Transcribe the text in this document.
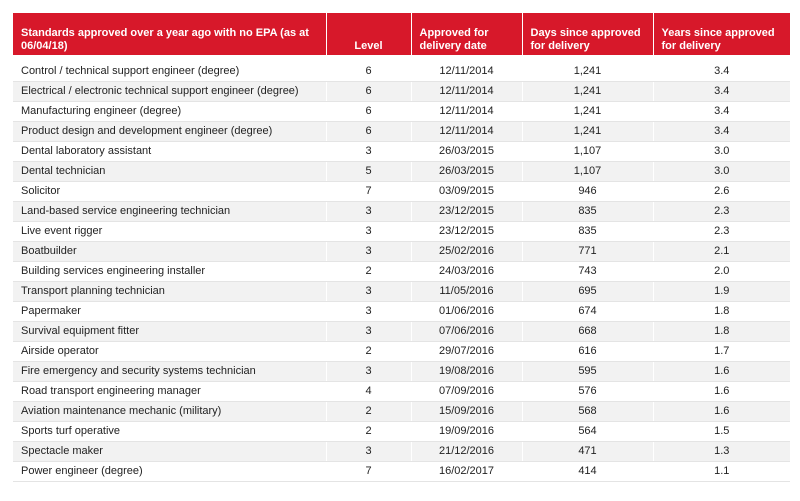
Standards approved over a year ago with no EPA (as at 06/04/18)	Level	Approved for delivery date	Days since approved for delivery	Years since approved for delivery

Control / technical support engineer (degree)	6	12/11/2014	1,241	3.4
Electrical / electronic technical support engineer (degree)	6	12/11/2014	1,241	3.4
Manufacturing engineer (degree)	6	12/11/2014	1,241	3.4
Product design and development engineer (degree)	6	12/11/2014	1,241	3.4
Dental laboratory assistant	3	26/03/2015	1,107	3.0
Dental technician	5	26/03/2015	1,107	3.0
Solicitor	7	03/09/2015	946	2.6
Land-based service engineering technician	3	23/12/2015	835	2.3
Live event rigger	3	23/12/2015	835	2.3
Boatbuilder	3	25/02/2016	771	2.1
Building services engineering installer	2	24/03/2016	743	2.0
Transport planning technician	3	11/05/2016	695	1.9
Papermaker	3	01/06/2016	674	1.8
Survival equipment fitter	3	07/06/2016	668	1.8
Airside operator	2	29/07/2016	616	1.7
Fire emergency and security systems technician	3	19/08/2016	595	1.6
Road transport engineering manager	4	07/09/2016	576	1.6
Aviation maintenance mechanic (military)	2	15/09/2016	568	1.6
Sports turf operative	2	19/09/2016	564	1.5
Spectacle maker	3	21/12/2016	471	1.3
Power engineer (degree)	7	16/02/2017	414	1.1
